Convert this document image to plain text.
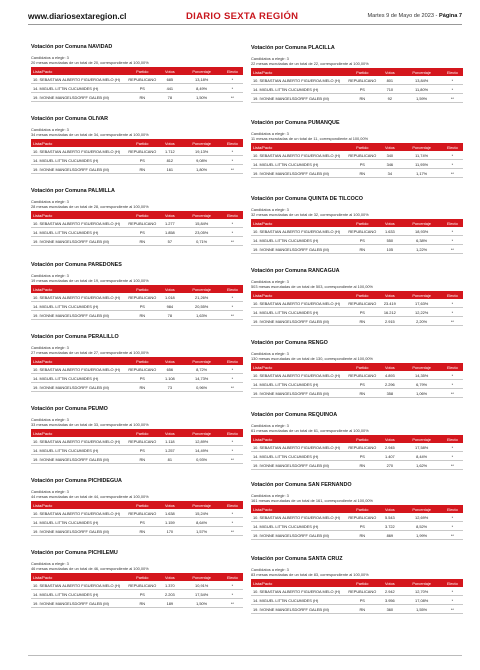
www.diariosextaregion.cl	DIARIO SEXTA REGIÓN	Martes 9 de Mayo de 2023 - Página 7
Votación por Comuna NAVIDAD
Candidatos a elegir: 3
20 mesas escrutadas de un total de 20, correspondiente al 100,00%
Lista/Pacto	Partido	Votos	Porcentaje	Electo
10. SEBASTIAN ALBERTO FIGUEROA MELO (H)	REPUBLICANO	685	13,18%	*
14. MIGUEL LITTIN CUCUMIDES (H)	PS	441	8,49%	*
19. IVONNE MANGELSDORFF GALEB (M)	RN	78	1,50%	**
Votación por Comuna OLIVAR
Candidatos a elegir: 3
34 mesas escrutadas de un total de 34, correspondiente al 100,00%
Lista/Pacto	Partido	Votos	Porcentaje	Electo
10. SEBASTIAN ALBERTO FIGUEROA MELO (H)	REPUBLICANO	1.712	19,13%	*
14. MIGUEL LITTIN CUCUMIDES (H)	PS	812	9,08%	*
19. IVONNE MANGELSDORFF GALEB (M)	RN	161	1,80%	**
Votación por Comuna PALMILLA
Candidatos a elegir: 3
28 mesas escrutadas de un total de 28, correspondiente al 100,00%
Lista/Pacto	Partido	Votos	Porcentaje	Electo
10. SEBASTIAN ALBERTO FIGUEROA MELO (H)	REPUBLICANO	1.277	15,84%	*
14. MIGUEL LITTIN CUCUMIDES (H)	PS	1.858	23,05%	*
19. IVONNE MANGELSDORFF GALEB (M)	RN	57	0,71%	**
Votación por Comuna PAREDONES
Candidatos a elegir: 3
19 mesas escrutadas de un total de 19, correspondiente al 100,00%
Lista/Pacto	Partido	Votos	Porcentaje	Electo
10. SEBASTIAN ALBERTO FIGUEROA MELO (H)	REPUBLICANO	1.018	21,26%	*
14. MIGUEL LITTIN CUCUMIDES (H)	PS	984	20,55%	*
19. IVONNE MANGELSDORFF GALEB (M)	RN	78	1,63%	**
Votación por Comuna PERALILLO
Candidatos a elegir: 3
27 mesas escrutadas de un total de 27, correspondiente al 100,00%
Lista/Pacto	Partido	Votos	Porcentaje	Electo
10. SEBASTIAN ALBERTO FIGUEROA MELO (H)	REPUBLICANO	656	8,72%	*
14. MIGUEL LITTIN CUCUMIDES (H)	PS	1.108	14,73%	*
19. IVONNE MANGELSDORFF GALEB (M)	RN	73	0,96%	**
Votación por Comuna PEUMO
Candidatos a elegir: 3
33 mesas escrutadas de un total de 33, correspondiente al 100,00%
Lista/Pacto	Partido	Votos	Porcentaje	Electo
10. SEBASTIAN ALBERTO FIGUEROA MELO (H)	REPUBLICANO	1.118	12,89%	*
14. MIGUEL LITTIN CUCUMIDES (H)	PS	1.257	14,49%	*
19. IVONNE MANGELSDORFF GALEB (M)	RN	81	0,93%	**
Votación por Comuna PICHIDEGUA
Candidatos a elegir: 3
44 mesas escrutadas de un total de 44, correspondiente al 100,00%
Lista/Pacto	Partido	Votos	Porcentaje	Electo
10. SEBASTIAN ALBERTO FIGUEROA MELO (H)	REPUBLICANO	1.638	15,24%	*
14. MIGUEL LITTIN CUCUMIDES (H)	PS	1.159	8,64%	*
19. IVONNE MANGELSDORFF GALEB (M)	RN	170	1,57%	**
Votación por Comuna PICHILEMU
Candidatos a elegir: 3
46 mesas escrutadas de un total de 46, correspondiente al 100,00%
Lista/Pacto	Partido	Votos	Porcentaje	Electo
10. SEBASTIAN ALBERTO FIGUEROA MELO (H)	REPUBLICANO	1.370	10,91%	*
14. MIGUEL LITTIN CUCUMIDES (H)	PS	2.203	17,54%	*
19. IVONNE MANGELSDORFF GALEB (M)	RN	189	1,50%	**
Votación por Comuna PLACILLA
Candidatos a elegir: 3
22 mesas escrutadas de un total de 22, correspondiente al 100,00%
Lista/Pacto	Partido	Votos	Porcentaje	Electo
10. SEBASTIAN ALBERTO FIGUEROA MELO (H)	REPUBLICANO	801	13,84%	*
14. MIGUEL LITTIN CUCUMIDES (H)	PS	710	11,80%	*
19. IVONNE MANGELSDORFF GALEB (M)	RN	92	1,59%	**
Votación por Comuna PUMANQUE
Candidatos a elegir: 3
11 mesas escrutadas de un total de 11, correspondiente al 100,00%
Lista/Pacto	Partido	Votos	Porcentaje	Electo
10. SEBASTIAN ALBERTO FIGUEROA MELO (H)	REPUBLICANO	340	11,74%	*
14. MIGUEL LITTIN CUCUMIDES (H)	PS	346	11,95%	*
19. IVONNE MANGELSDORFF GALEB (M)	RN	34	1,17%	**
Votación por Comuna QUINTA DE TILCOCO
Candidatos a elegir: 3
32 mesas escrutadas de un total de 32, correspondiente al 100,00%
Lista/Pacto	Partido	Votos	Porcentaje	Electo
10. SEBASTIAN ALBERTO FIGUEROA MELO (H)	REPUBLICANO	1.633	18,93%	*
14. MIGUEL LITTIN CUCUMIDES (H)	PS	550	6,38%	*
19. IVONNE MANGELSDORFF GALEB (M)	RN	105	1,22%	**
Votación por Comuna RANCAGUA
Candidatos a elegir: 3
503 mesas escrutadas de un total de 503, correspondiente al 100,00%
Lista/Pacto	Partido	Votos	Porcentaje	Electo
10. SEBASTIAN ALBERTO FIGUEROA MELO (H)	REPUBLICANO	23.419	17,63%	*
14. MIGUEL LITTIN CUCUMIDES (H)	PS	16.212	12,22%	*
19. IVONNE MANGELSDORFF GALEB (M)	RN	2.915	2,20%	**
Votación por Comuna RENGO
Candidatos a elegir: 3
130 mesas escrutadas de un total de 130, correspondiente al 100,00%
Lista/Pacto	Partido	Votos	Porcentaje	Electo
10. SEBASTIAN ALBERTO FIGUEROA MELO (H)	REPUBLICANO	4.893	14,35%	*
14. MIGUEL LITTIN CUCUMIDES (H)	PS	2.296	6,79%	*
19. IVONNE MANGELSDORFF GALEB (M)	RN	358	1,06%	**
Votación por Comuna REQUINOA
Candidatos a elegir: 3
61 mesas escrutadas de un total de 61, correspondiente al 100,00%
Lista/Pacto	Partido	Votos	Porcentaje	Electo
10. SEBASTIAN ALBERTO FIGUEROA MELO (H)	REPUBLICANO	2.945	17,58%	*
14. MIGUEL LITTIN CUCUMIDES (H)	PS	1.407	8,44%	*
19. IVONNE MANGELSDORFF GALEB (M)	RN	270	1,62%	**
Votación por Comuna SAN FERNANDO
Candidatos a elegir: 3
161 mesas escrutadas de un total de 161, correspondiente al 100,00%
Lista/Pacto	Partido	Votos	Porcentaje	Electo
10. SEBASTIAN ALBERTO FIGUEROA MELO (H)	REPUBLICANO	5.543	12,69%	*
14. MIGUEL LITTIN CUCUMIDES (H)	PS	3.722	8,52%	*
19. IVONNE MANGELSDORFF GALEB (M)	RN	869	1,99%	**
Votación por Comuna SANTA CRUZ
Candidatos a elegir: 3
83 mesas escrutadas de un total de 83, correspondiente al 100,00%
Lista/Pacto	Partido	Votos	Porcentaje	Electo
10. SEBASTIAN ALBERTO FIGUEROA MELO (H)	REPUBLICANO	2.942	12,70%	*
14. MIGUEL LITTIN CUCUMIDES (H)	PS	3.956	17,08%	*
19. IVONNE MANGELSDORFF GALEB (M)	RN	360	1,55%	**
